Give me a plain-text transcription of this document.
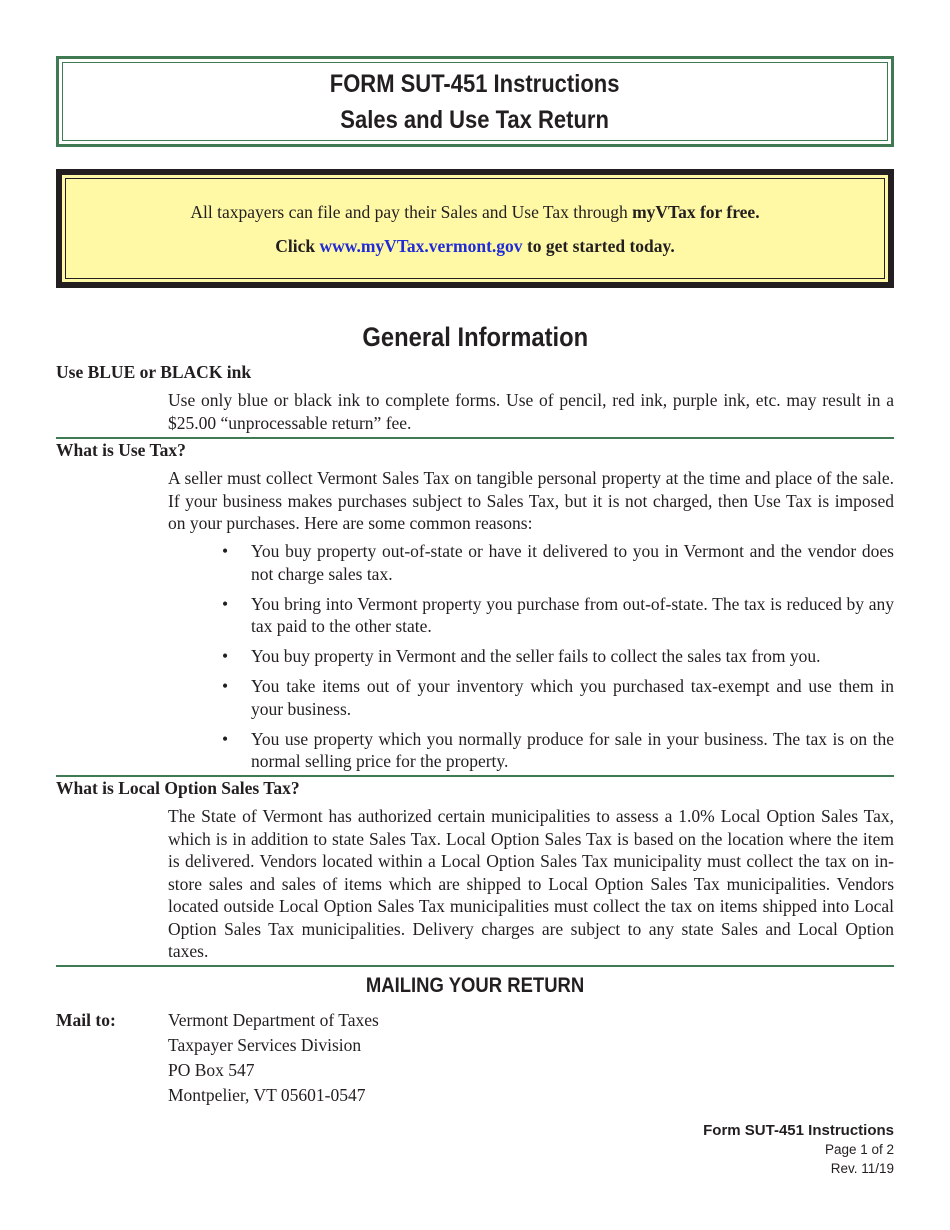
FORM SUT-451 Instructions
Sales and Use Tax Return

All taxpayers can file and pay their Sales and Use Tax through myVTax for free.

Click www.myVTax.vermont.gov to get started today.

General Information
Use BLUE or BLACK ink
Use only blue or black ink to complete forms. Use of pencil, red ink, purple ink, etc. may result in a $25.00 “unprocessable return” fee.
What is Use Tax?
A seller must collect Vermont Sales Tax on tangible personal property at the time and place of the sale. If your business makes purchases subject to Sales Tax, but it is not charged, then Use Tax is imposed on your purchases. Here are some common reasons:
•	You buy property out-of-state or have it delivered to you in Vermont and the vendor does not charge sales tax.
•	You bring into Vermont property you purchase from out-of-state. The tax is reduced by any tax paid to the other state.
•	You buy property in Vermont and the seller fails to collect the sales tax from you.
•	You take items out of your inventory which you purchased tax-exempt and use them in your business.
•	You use property which you normally produce for sale in your business. The tax is on the normal selling price for the property.
What is Local Option Sales Tax?
The State of Vermont has authorized certain municipalities to assess a 1.0% Local Option Sales Tax, which is in addition to state Sales Tax. Local Option Sales Tax is based on the location where the item is delivered. Vendors located within a Local Option Sales Tax municipality must collect the tax on in-store sales and sales of items which are shipped to Local Option Sales Tax municipalities. Vendors located outside Local Option Sales Tax municipalities must collect the tax on items shipped into Local Option Sales Tax municipalities. Delivery charges are subject to any state Sales and Local Option taxes.
MAILING YOUR RETURN
Mail to:	Vermont Department of Taxes
Taxpayer Services Division
PO Box 547
Montpelier, VT 05601-0547
Form SUT-451 Instructions
Page 1 of 2
Rev. 11/19
